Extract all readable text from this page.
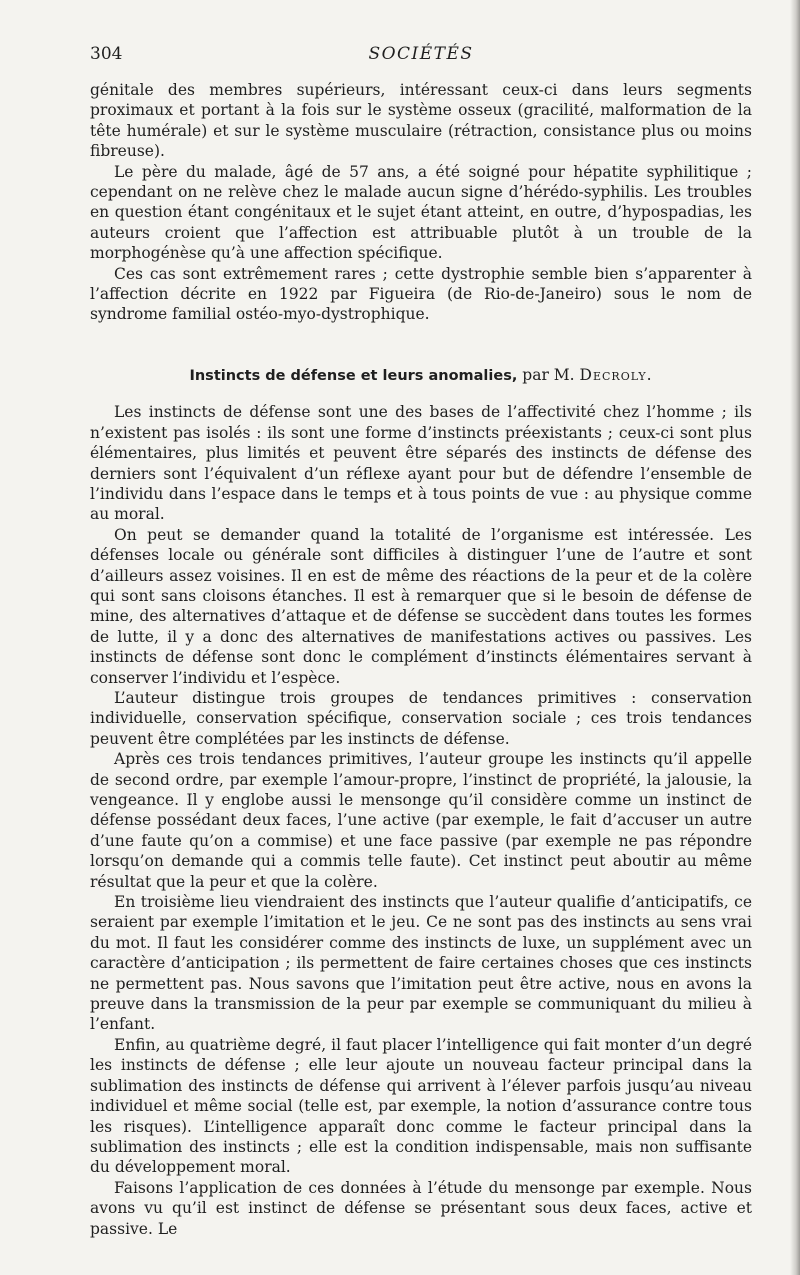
304	SOCIÉTÉS

génitale des membres supérieurs, intéressant ceux-ci dans leurs segments proximaux et portant à la fois sur le système osseux (gracilité, malformation de la tête humérale) et sur le système musculaire (rétraction, consistance plus ou moins fibreuse).

Le père du malade, âgé de 57 ans, a été soigné pour hépatite syphilitique ; cependant on ne relève chez le malade aucun signe d’hérédo-syphilis. Les troubles en question étant congénitaux et le sujet étant atteint, en outre, d’hypospadias, les auteurs croient que l’affection est attribuable plutôt à un trouble de la morphogénèse qu’à une affection spécifique.

Ces cas sont extrêmement rares ; cette dystrophie semble bien s’apparenter à l’affection décrite en 1922 par Figueira (de Rio-de-Janeiro) sous le nom de syndrome familial ostéo-myo-dystrophique.

Instincts de défense et leurs anomalies, par M. Decroly.

Les instincts de défense sont une des bases de l’affectivité chez l’homme ; ils n’existent pas isolés : ils sont une forme d’instincts préexistants ; ceux-ci sont plus élémentaires, plus limités et peuvent être séparés des instincts de défense des derniers sont l’équivalent d’un réflexe ayant pour but de défendre l’ensemble de l’individu dans l’espace dans le temps et à tous points de vue : au physique comme au moral.

On peut se demander quand la totalité de l’organisme est intéressée. Les défenses locale ou générale sont difficiles à distinguer l’une de l’autre et sont d’ailleurs assez voisines. Il en est de même des réactions de la peur et de la colère qui sont sans cloisons étanches. Il est à remarquer que si le besoin de défense de mine, des alternatives d’attaque et de défense se succèdent dans toutes les formes de lutte, il y a donc des alternatives de manifestations actives ou passives. Les instincts de défense sont donc le complément d’instincts élémentaires servant à conserver l’individu et l’espèce.

L’auteur distingue trois groupes de tendances primitives : conservation individuelle, conservation spécifique, conservation sociale ; ces trois tendances peuvent être complétées par les instincts de défense.

Après ces trois tendances primitives, l’auteur groupe les instincts qu’il appelle de second ordre, par exemple l’amour-propre, l’instinct de propriété, la jalousie, la vengeance. Il y englobe aussi le mensonge qu’il considère comme un instinct de défense possédant deux faces, l’une active (par exemple, le fait d’accuser un autre d’une faute qu’on a commise) et une face passive (par exemple ne pas répondre lorsqu’on demande qui a commis telle faute). Cet instinct peut aboutir au même résultat que la peur et que la colère.

En troisième lieu viendraient des instincts que l’auteur qualifie d’anticipatifs, ce seraient par exemple l’imitation et le jeu. Ce ne sont pas des instincts au sens vrai du mot. Il faut les considérer comme des instincts de luxe, un supplément avec un caractère d’anticipation ; ils permettent de faire certaines choses que ces instincts ne permettent pas. Nous savons que l’imitation peut être active, nous en avons la preuve dans la transmission de la peur par exemple se communiquant du milieu à l’enfant.

Enfin, au quatrième degré, il faut placer l’intelligence qui fait monter d’un degré les instincts de défense ; elle leur ajoute un nouveau facteur principal dans la sublimation des instincts de défense qui arrivent à l’élever parfois jusqu’au niveau individuel et même social (telle est, par exemple, la notion d’assurance contre tous les risques). L’intelligence apparaît donc comme le facteur principal dans la sublimation des instincts ; elle est la condition indispensable, mais non suffisante du développement moral.

Faisons l’application de ces données à l’étude du mensonge par exemple. Nous avons vu qu’il est instinct de défense se présentant sous deux faces, active et passive. Le
